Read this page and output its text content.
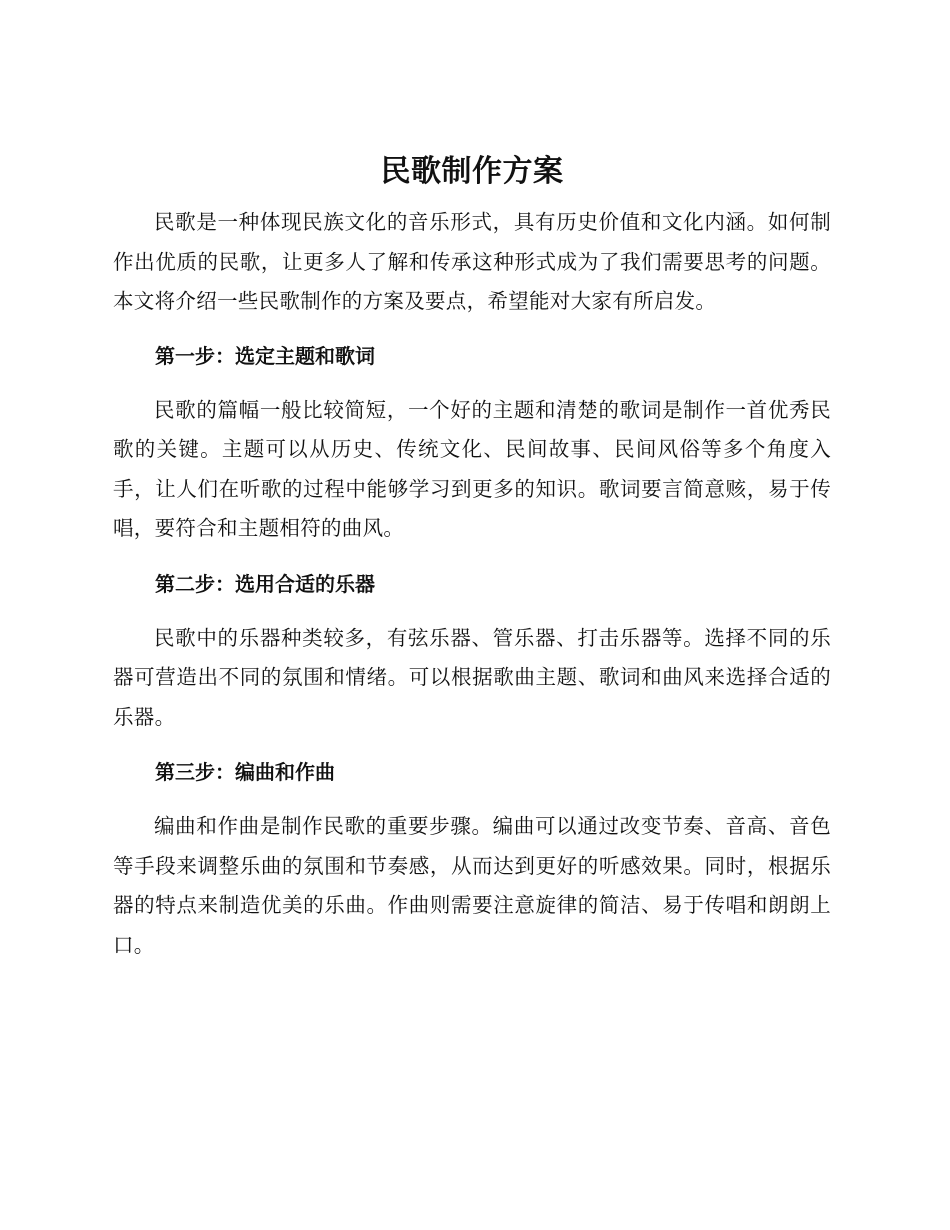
民歌制作方案

民歌是一种体现民族文化的音乐形式，具有历史价值和文化内涵。如何制作出优质的民歌，让更多人了解和传承这种形式成为了我们需要思考的问题。本文将介绍一些民歌制作的方案及要点，希望能对大家有所启发。

第一步：选定主题和歌词

民歌的篇幅一般比较简短，一个好的主题和清楚的歌词是制作一首优秀民歌的关键。主题可以从历史、传统文化、民间故事、民间风俗等多个角度入手，让人们在听歌的过程中能够学习到更多的知识。歌词要言简意赅，易于传唱，要符合和主题相符的曲风。

第二步：选用合适的乐器

民歌中的乐器种类较多，有弦乐器、管乐器、打击乐器等。选择不同的乐器可营造出不同的氛围和情绪。可以根据歌曲主题、歌词和曲风来选择合适的乐器。

第三步：编曲和作曲

编曲和作曲是制作民歌的重要步骤。编曲可以通过改变节奏、音高、音色等手段来调整乐曲的氛围和节奏感，从而达到更好的听感效果。同时，根据乐器的特点来制造优美的乐曲。作曲则需要注意旋律的简洁、易于传唱和朗朗上口。
